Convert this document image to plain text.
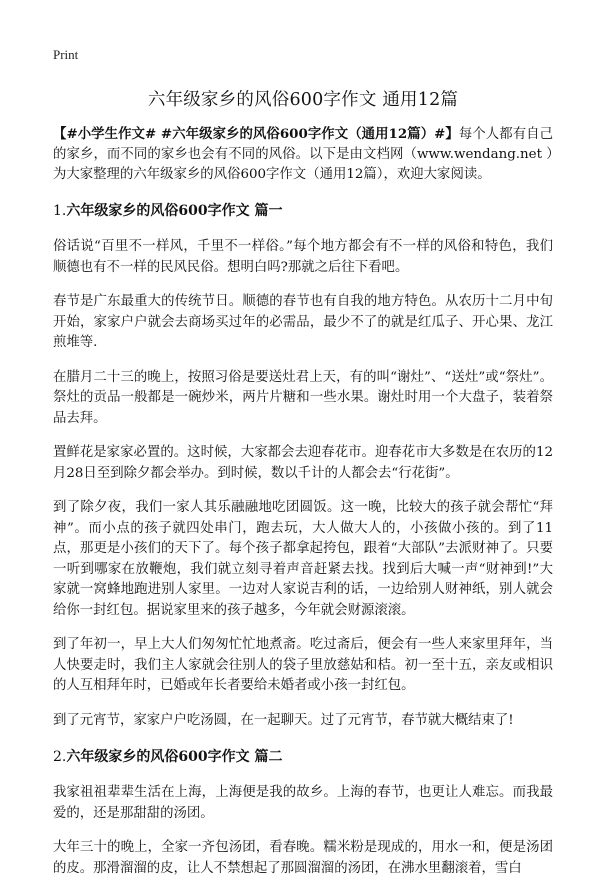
Print
六年级家乡的风俗600字作文 通用12篇

【#小学生作文# #六年级家乡的风俗600字作文（通用12篇）#】每个人都有自己的家乡，而不同的家乡也会有不同的风俗。以下是由文档网（www.wendang.net ）为大家整理的六年级家乡的风俗600字作文（通用12篇），欢迎大家阅读。

1.六年级家乡的风俗600字作文 篇一

俗话说“百里不一样风，千里不一样俗。”每个地方都会有不一样的风俗和特色，我们顺德也有不一样的民风民俗。想明白吗?那就之后往下看吧。

春节是广东最重大的传统节日。顺德的春节也有自我的地方特色。从农历十二月中旬开始，家家户户就会去商场买过年的必需品，最少不了的就是红瓜子、开心果、龙江煎堆等.

在腊月二十三的晚上，按照习俗是要送灶君上天，有的叫“谢灶”、“送灶”或“祭灶”。祭灶的贡品一般都是一碗炒米，两片片糖和一些水果。谢灶时用一个大盘子，装着祭品去拜。

置鲜花是家家必置的。这时候，大家都会去迎春花市。迎春花市大多数是在农历的12月28日至到除夕都会举办。到时候，数以千计的人都会去“行花街”。

到了除夕夜，我们一家人其乐融融地吃团圆饭。这一晚，比较大的孩子就会帮忙“拜神”。而小点的孩子就四处串门，跑去玩，大人做大人的，小孩做小孩的。到了11点，那更是小孩们的天下了。每个孩子都拿起挎包，跟着“大部队”去派财神了。只要一听到哪家在放鞭炮，我们就立刻寻着声音赶紧去找。找到后大喊一声“财神到!”大家就一窝蜂地跑进别人家里。一边对人家说吉利的话，一边给别人财神纸，别人就会给你一封红包。据说家里来的孩子越多，今年就会财源滚滚。

到了年初一，早上大人们匆匆忙忙地煮斋。吃过斋后，便会有一些人来家里拜年，当人快要走时，我们主人家就会往别人的袋子里放慈姑和桔。初一至十五，亲友或相识的人互相拜年时，已婚或年长者要给未婚者或小孩一封红包。

到了元宵节，家家户户吃汤圆，在一起聊天。过了元宵节，春节就大概结束了!

2.六年级家乡的风俗600字作文 篇二

我家祖祖辈辈生活在上海，上海便是我的故乡。上海的春节，也更让人难忘。而我最爱的，还是那甜甜的汤团。

大年三十的晚上，全家一齐包汤团，看春晚。糯米粉是现成的，用水一和，便是汤团的皮。那滑溜溜的皮，让人不禁想起了那圆溜溜的汤团，在沸水里翻滚着，雪白
